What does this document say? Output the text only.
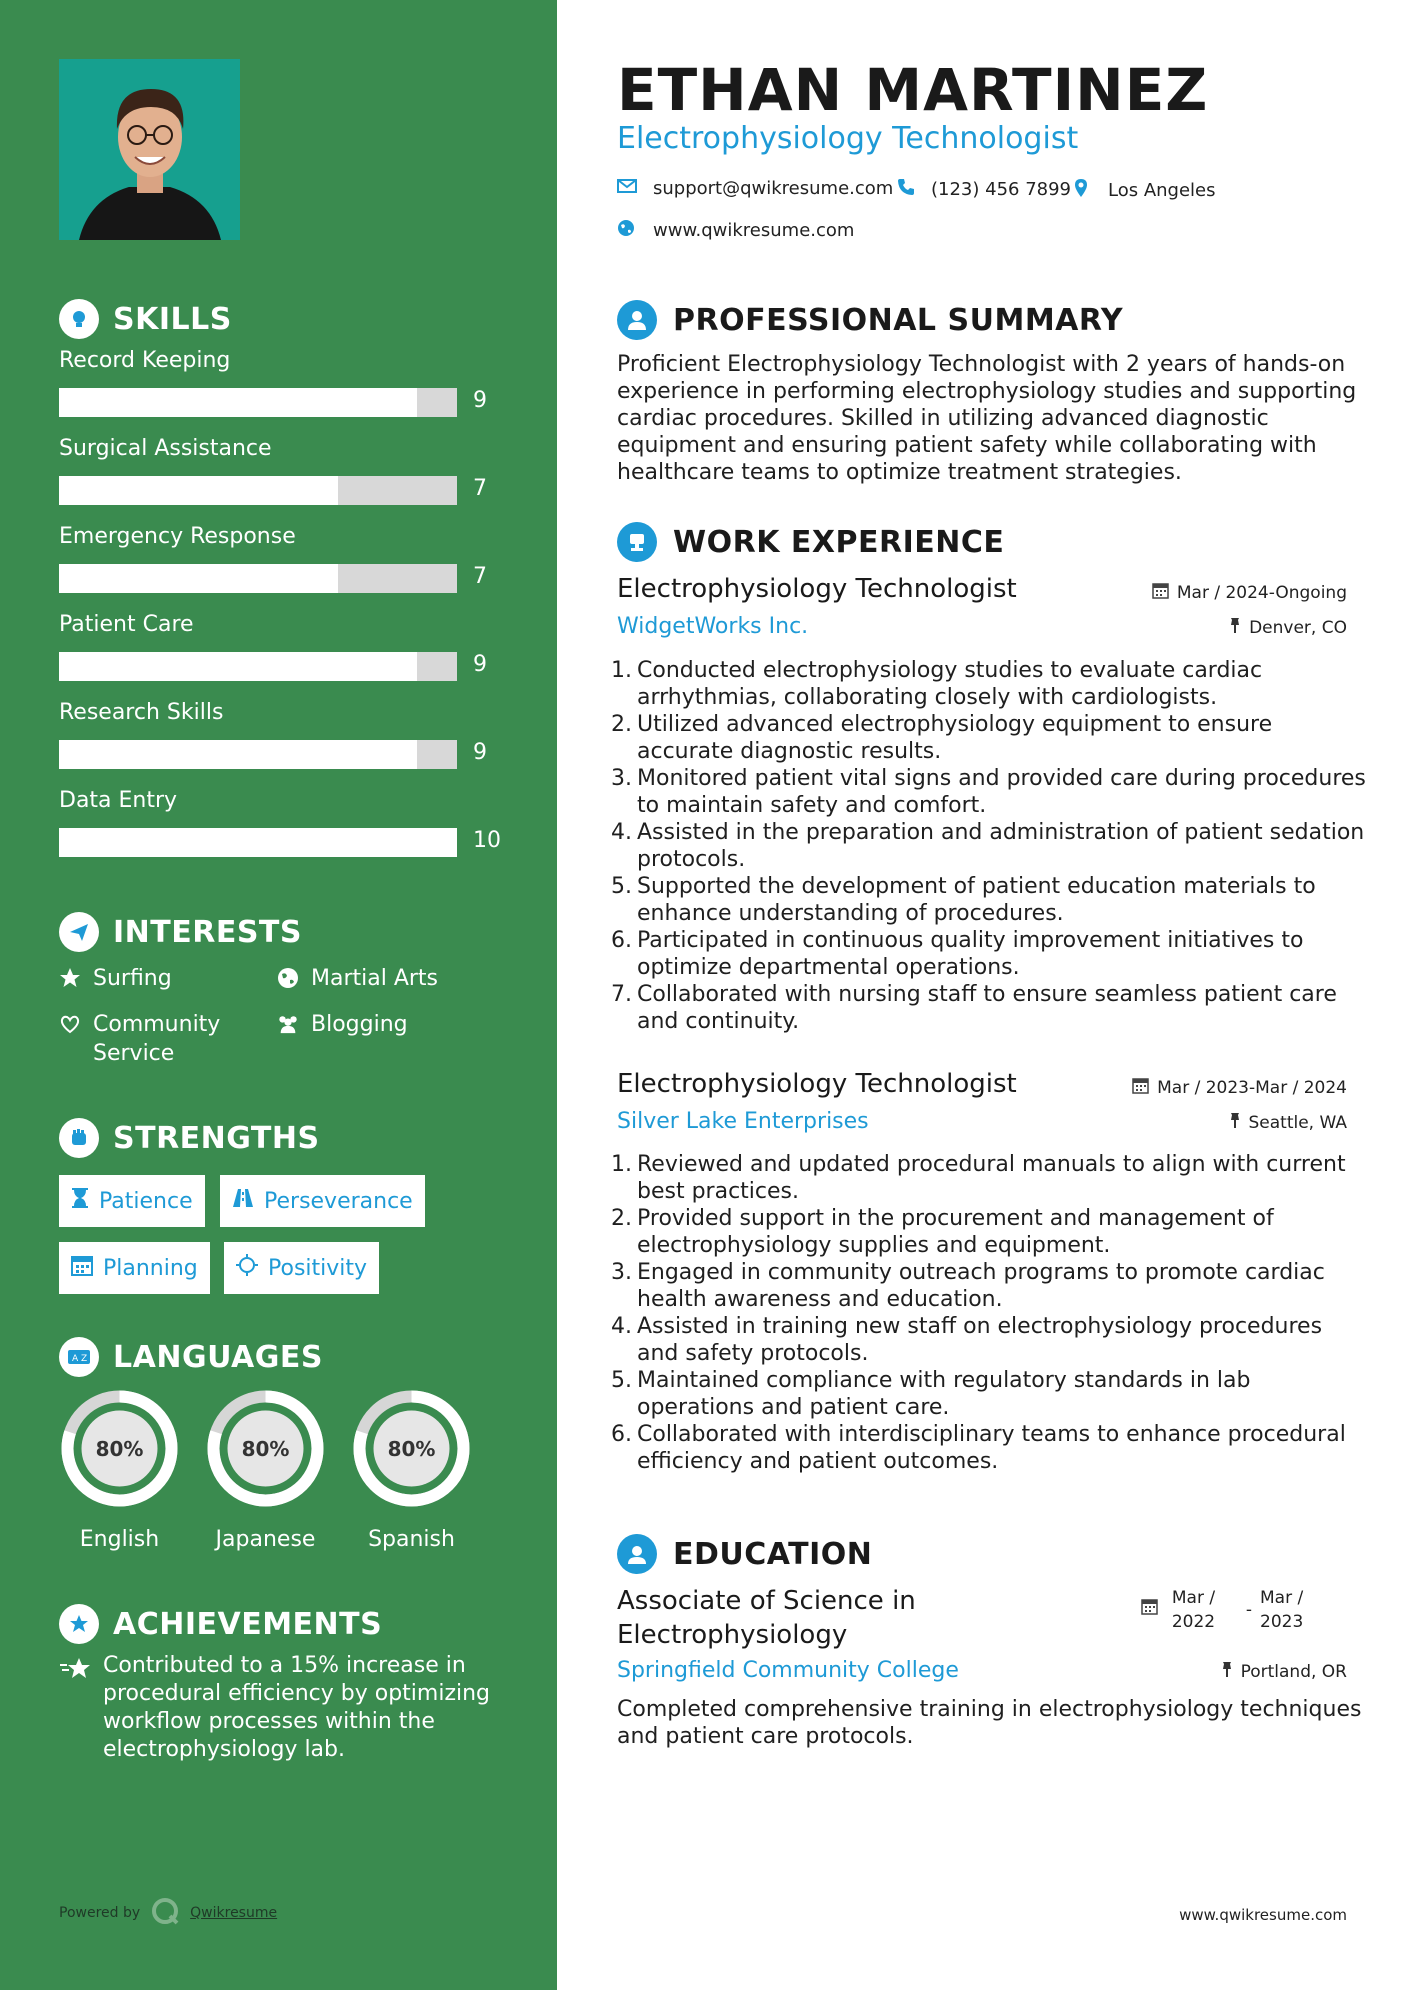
SKILLS
Record Keeping
9
Surgical Assistance
7
Emergency Response
7
Patient Care
9
Research Skills
9
Data Entry
10
INTERESTS
Surfing	Martial Arts
Community Service
Blogging
STRENGTHS
Patience	Perseverance
Planning	Positivity
A Z LANGUAGES
80%
English
80%
Japanese
80%
Spanish
ACHIEVEMENTS
Contributed to a 15% increase in procedural efficiency by optimizing workflow processes within the electrophysiology lab.
Powered by	Qwikresume
ETHAN MARTINEZ
Electrophysiology Technologist
support@qwikresume.com (123) 456 7899 Los Angeles
www.qwikresume.com
PROFESSIONAL SUMMARY
Proficient Electrophysiology Technologist with 2 years of hands-on experience in performing electrophysiology studies and supporting cardiac procedures. Skilled in utilizing advanced diagnostic equipment and ensuring patient safety while collaborating with healthcare teams to optimize treatment strategies.
WORK EXPERIENCE
Electrophysiology Technologist	Mar / 2024-Ongoing
WidgetWorks Inc.	Denver, CO
1. Conducted electrophysiology studies to evaluate cardiac arrhythmias, collaborating closely with cardiologists.
2. Utilized advanced electrophysiology equipment to ensure accurate diagnostic results.
3. Monitored patient vital signs and provided care during procedures to maintain safety and comfort.
4. Assisted in the preparation and administration of patient sedation protocols.
5. Supported the development of patient education materials to enhance understanding of procedures.
6. Participated in continuous quality improvement initiatives to optimize departmental operations.
7. Collaborated with nursing staff to ensure seamless patient care and continuity.
Electrophysiology Technologist	Mar / 2023-Mar / 2024
Silver Lake Enterprises	Seattle, WA
1. Reviewed and updated procedural manuals to align with current best practices.
2. Provided support in the procurement and management of electrophysiology supplies and equipment.
3. Engaged in community outreach programs to promote cardiac health awareness and education.
4. Assisted in training new staff on electrophysiology procedures and safety protocols.
5. Maintained compliance with regulatory standards in lab operations and patient care.
6. Collaborated with interdisciplinary teams to enhance procedural efficiency and patient outcomes.
EDUCATION
Associate of Science in Electrophysiology
Mar / 2022
-
Mar / 2023
Springfield Community College	Portland, OR
Completed comprehensive training in electrophysiology techniques and patient care protocols.
www.qwikresume.com
